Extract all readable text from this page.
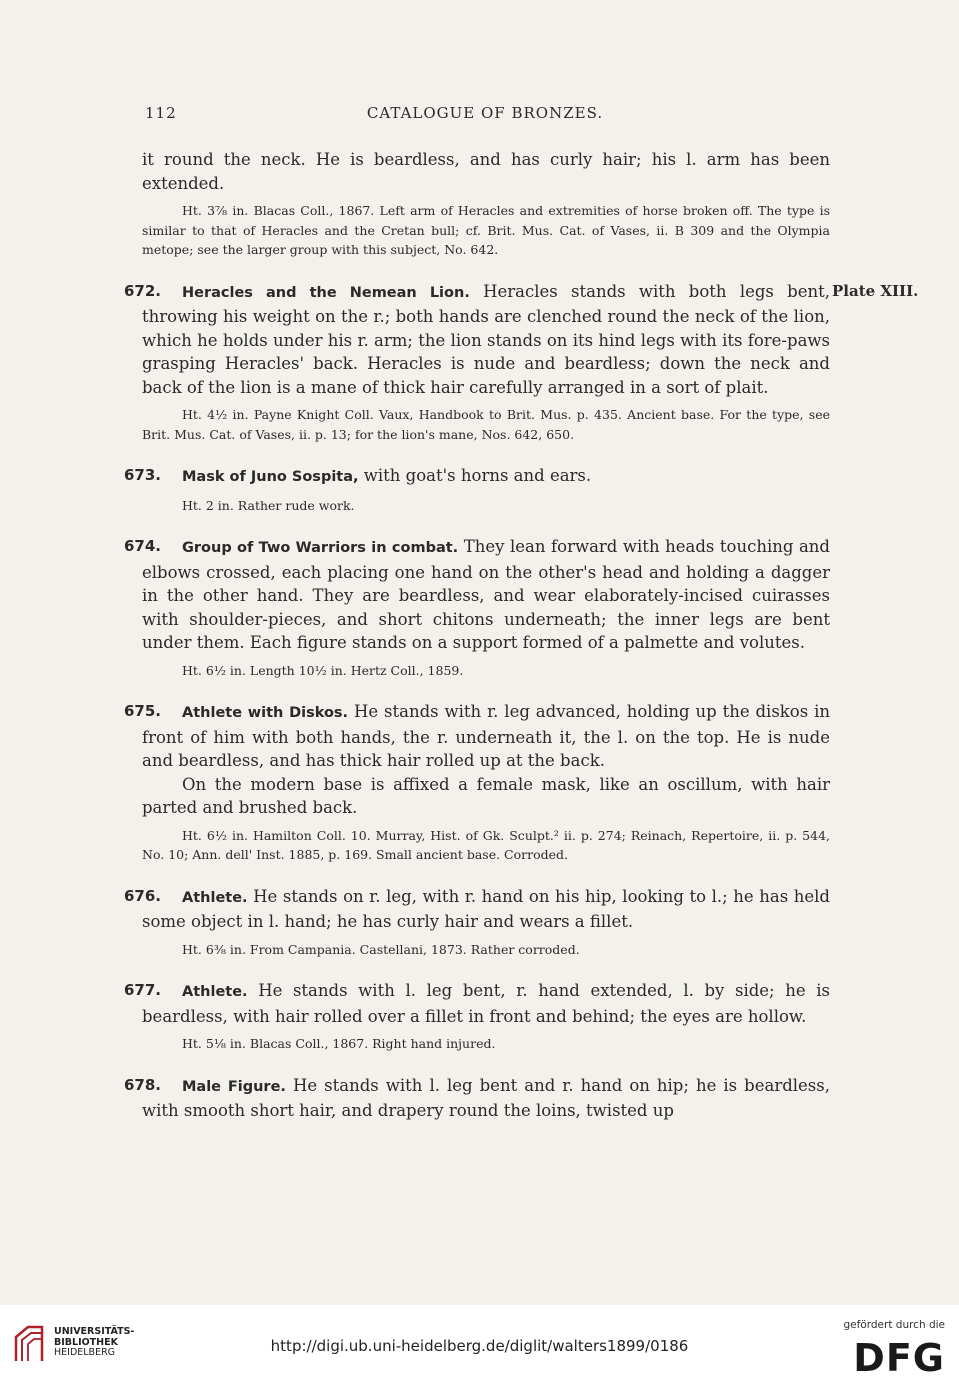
112	CATALOGUE OF BRONZES.

it round the neck. He is beardless, and has curly hair; his l. arm has been extended.

Ht. 3⅞ in. Blacas Coll., 1867. Left arm of Heracles and extremities of horse broken off. The type is similar to that of Heracles and the Cretan bull; cf. Brit. Mus. Cat. of Vases, ii. B 309 and the Olympia metope; see the larger group with this subject, No. 642.

672.	Plate XIII.

Heracles and the Nemean Lion. Heracles stands with both legs bent, throwing his weight on the r.; both hands are clenched round the neck of the lion, which he holds under his r. arm; the lion stands on its hind legs with its fore-paws grasping Heracles' back. Heracles is nude and beardless; down the neck and back of the lion is a mane of thick hair carefully arranged in a sort of plait.

Ht. 4½ in. Payne Knight Coll. Vaux, Handbook to Brit. Mus. p. 435. Ancient base. For the type, see Brit. Mus. Cat. of Vases, ii. p. 13; for the lion's mane, Nos. 642, 650.

673.	Mask of Juno Sospita, with goat's horns and ears.

Ht. 2 in. Rather rude work.

674.	Group of Two Warriors in combat. They lean forward with heads touching and elbows crossed, each placing one hand on the other's head and holding a dagger in the other hand. They are beardless, and wear elaborately-incised cuirasses with shoulder-pieces, and short chitons underneath; the inner legs are bent under them. Each figure stands on a support formed of a palmette and volutes.

Ht. 6½ in. Length 10½ in. Hertz Coll., 1859.

675.	Athlete with Diskos. He stands with r. leg advanced, holding up the diskos in front of him with both hands, the r. underneath it, the l. on the top. He is nude and beardless, and has thick hair rolled up at the back.

On the modern base is affixed a female mask, like an oscillum, with hair parted and brushed back.

Ht. 6½ in. Hamilton Coll. 10. Murray, Hist. of Gk. Sculpt.² ii. p. 274; Reinach, Repertoire, ii. p. 544, No. 10; Ann. dell' Inst. 1885, p. 169. Small ancient base. Corroded.

676.	Athlete. He stands on r. leg, with r. hand on his hip, looking to l.; he has held some object in l. hand; he has curly hair and wears a fillet.

Ht. 6⅜ in. From Campania. Castellani, 1873. Rather corroded.

677.	Athlete. He stands with l. leg bent, r. hand extended, l. by side; he is beardless, with hair rolled over a fillet in front and behind; the eyes are hollow.

Ht. 5⅛ in. Blacas Coll., 1867. Right hand injured.

678.	Male Figure. He stands with l. leg bent and r. hand on hip; he is beardless, with smooth short hair, and drapery round the loins, twisted up

UNIVERSITÄTS-
BIBLIOTHEK
HEIDELBERG	http://digi.ub.uni-heidelberg.de/diglit/walters1899/0186
gefördert durch die
DFG
